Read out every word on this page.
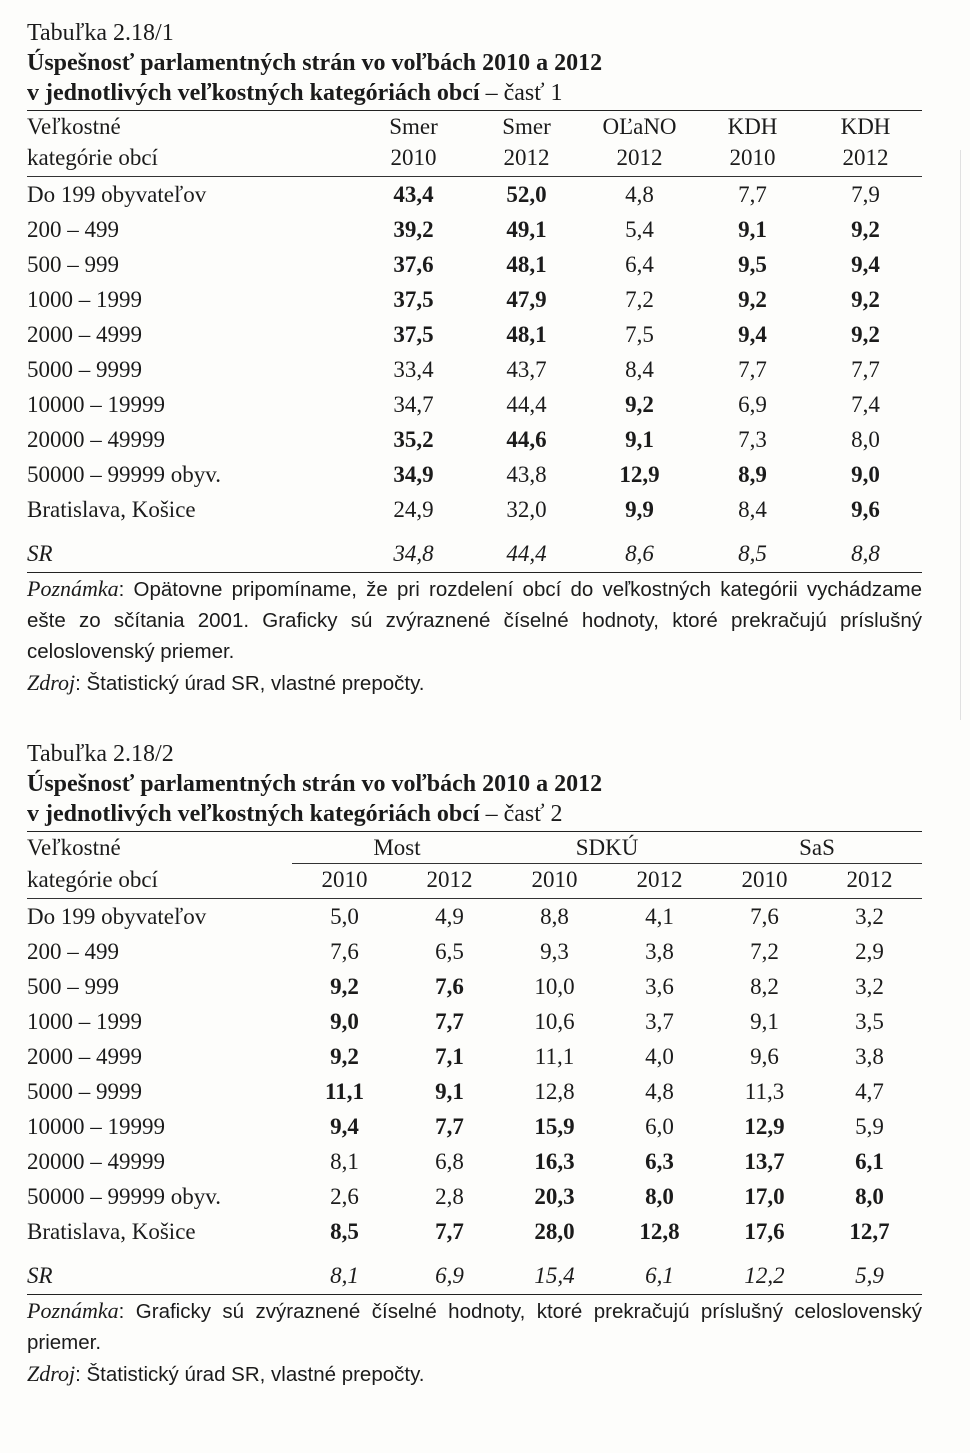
Tabuľka 2.18/1
Úspešnosť parlamentných strán vo voľbách 2010 a 2012
v jednotlivých veľkostných kategóriách obcí – časť 1
Veľkostné	Smer	Smer	OĽaNO	KDH	KDH
kategórie obcí	2010	2012	2012	2010	2012
Do 199 obyvateľov	43,4	52,0	4,8	7,7	7,9
200 – 499	39,2	49,1	5,4	9,1	9,2
500 – 999	37,6	48,1	6,4	9,5	9,4
1000 – 1999	37,5	47,9	7,2	9,2	9,2
2000 – 4999	37,5	48,1	7,5	9,4	9,2
5000 – 9999	33,4	43,7	8,4	7,7	7,7
10000 – 19999	34,7	44,4	9,2	6,9	7,4
20000 – 49999	35,2	44,6	9,1	7,3	8,0
50000 – 99999 obyv.	34,9	43,8	12,9	8,9	9,0
Bratislava, Košice	24,9	32,0	9,9	8,4	9,6
SR	34,8	44,4	8,6	8,5	8,8
Poznámka: Opätovne pripomíname, že pri rozdelení obcí do veľkostných kategórii vychádzame ešte zo sčítania 2001. Graficky sú zvýraznené číselné hodnoty, ktoré prekračujú príslušný celoslovenský priemer.
Zdroj: Štatistický úrad SR, vlastné prepočty.
Tabuľka 2.18/2
Úspešnosť parlamentných strán vo voľbách 2010 a 2012
v jednotlivých veľkostných kategóriách obcí – časť 2
Veľkostné	Most		SDKÚ		SaS	
kategórie obcí	2010	2012	2010	2012	2010	2012
Do 199 obyvateľov	5,0	4,9	8,8	4,1	7,6	3,2
200 – 499	7,6	6,5	9,3	3,8	7,2	2,9
500 – 999	9,2	7,6	10,0	3,6	8,2	3,2
1000 – 1999	9,0	7,7	10,6	3,7	9,1	3,5
2000 – 4999	9,2	7,1	11,1	4,0	9,6	3,8
5000 – 9999	11,1	9,1	12,8	4,8	11,3	4,7
10000 – 19999	9,4	7,7	15,9	6,0	12,9	5,9
20000 – 49999	8,1	6,8	16,3	6,3	13,7	6,1
50000 – 99999 obyv.	2,6	2,8	20,3	8,0	17,0	8,0
Bratislava, Košice	8,5	7,7	28,0	12,8	17,6	12,7
SR	8,1	6,9	15,4	6,1	12,2	5,9
Poznámka: Graficky sú zvýraznené číselné hodnoty, ktoré prekračujú príslušný celoslovenský priemer.
Zdroj: Štatistický úrad SR, vlastné prepočty.
